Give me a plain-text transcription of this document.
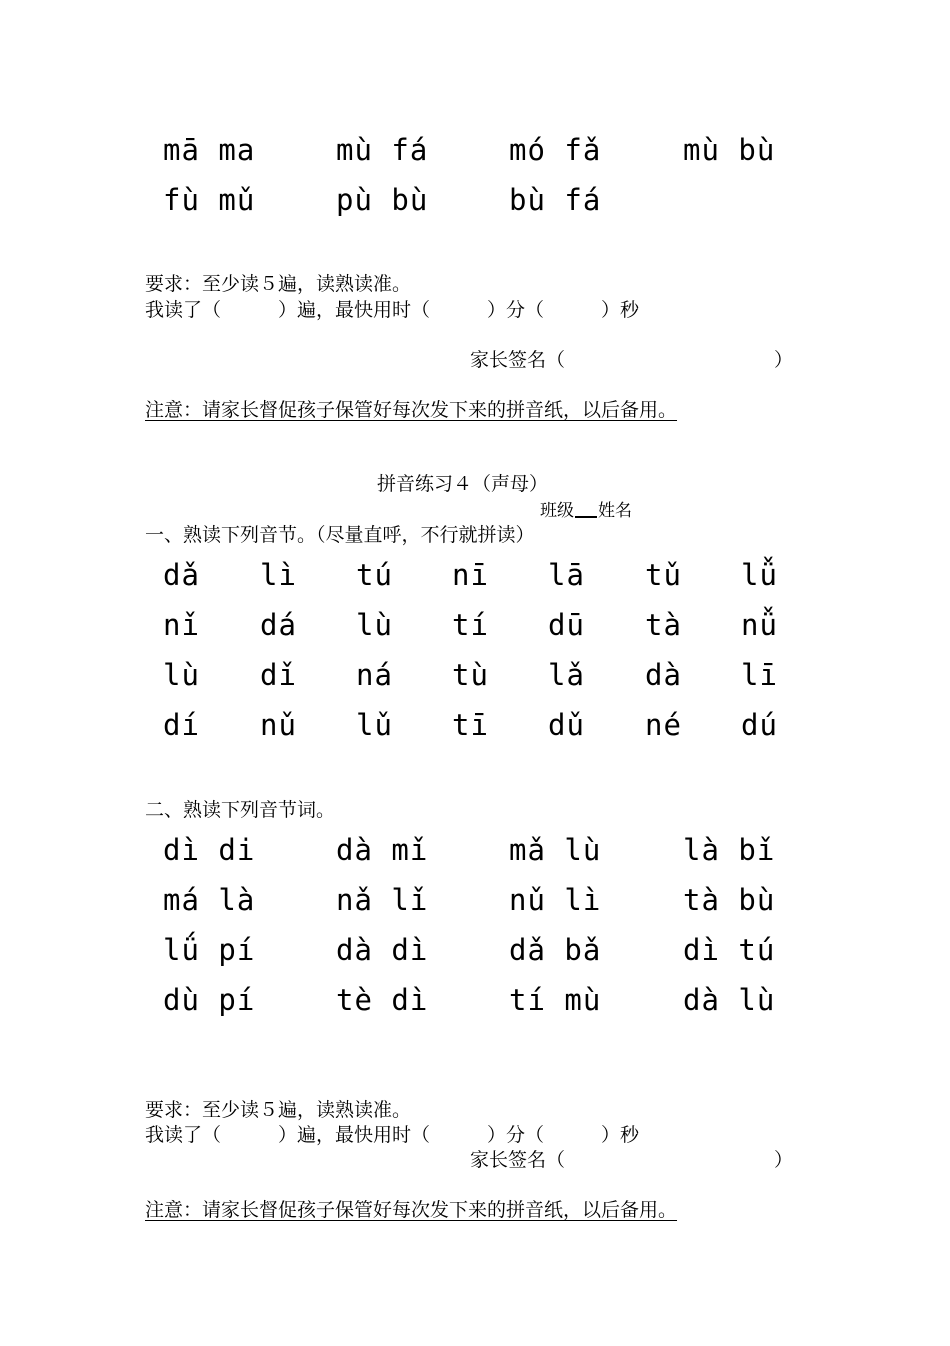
mā ma	mù fá	mó fǎ	mù bù
fù mǔ	pù bù	bù fá
要求：至少读５遍，读熟读准。
我读了（　　　）遍，最快用时（　　　）分（　　　）秒
家长签名（　　　　　　　　　　　）
注意：请家长督促孩子保管好每次发下来的拼音纸，以后备用。
拼音练习４（声母）
班级 姓名
一、熟读下列音节。（尽量直呼，不行就拼读）
dǎ lì tú nī lā tǔ lǚ
nǐ dá lù tí dū tà nǚ
lù dǐ ná tù lǎ dà lī
dí nǔ lǔ tī dǔ né dú
二、熟读下列音节词。
dì di	dà mǐ	mǎ lù	là bǐ
má là	nǎ lǐ	nǔ lì	tà bù
lǘ pí	dà dì	dǎ bǎ	dì tú
dù pí	tè dì	tí mù	dà lù
要求：至少读５遍，读熟读准。
我读了（　　　）遍，最快用时（　　　）分（　　　）秒
家长签名（　　　　　　　　　　　）
注意：请家长督促孩子保管好每次发下来的拼音纸，以后备用。
